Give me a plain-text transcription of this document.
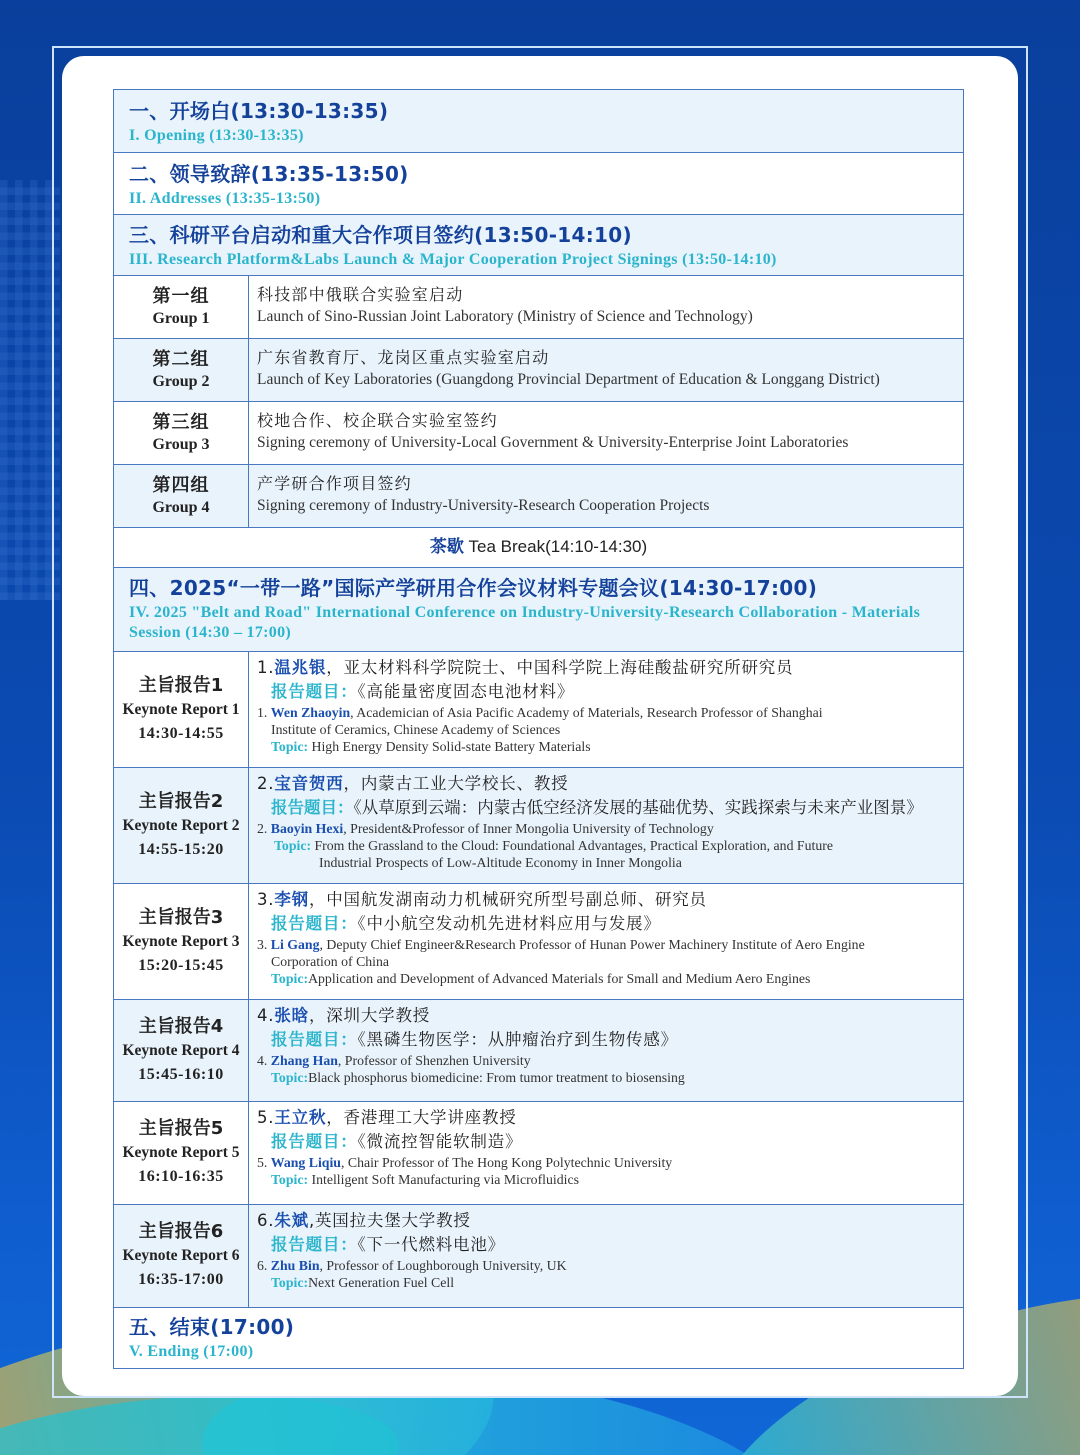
一、开场白(13:30-13:35)
I. Opening (13:30-13:35)
二、领导致辞(13:35-13:50)
II. Addresses (13:35-13:50)
三、科研平台启动和重大合作项目签约(13:50-14:10)
III. Research Platform&Labs Launch & Major Cooperation Project Signings (13:50-14:10)
第一组
Group 1
科技部中俄联合实验室启动
Launch of Sino-Russian Joint Laboratory (Ministry of Science and Technology)
第二组
Group 2
广东省教育厅、龙岗区重点实验室启动
Launch of Key Laboratories (Guangdong Provincial Department of Education & Longgang District)
第三组
Group 3
校地合作、校企联合实验室签约
Signing ceremony of University-Local Government & University-Enterprise Joint Laboratories
第四组
Group 4
产学研合作项目签约
Signing ceremony of Industry-University-Research Cooperation Projects
茶歇 Tea Break(14:10-14:30)
四、2025“一带一路”国际产学研用合作会议材料专题会议(14:30-17:00)
IV. 2025 "Belt and Road" International Conference on Industry-University-Research Collaboration - Materials Session (14:30 – 17:00)
主旨报告1
Keynote Report 1
14:30-14:55
1.温兆银，亚太材料科学院院士、中国科学院上海硅酸盐研究所研究员
报告题目：《高能量密度固态电池材料》
1. Wen Zhaoyin, Academician of Asia Pacific Academy of Materials, Research Professor of Shanghai
Institute of Ceramics, Chinese Academy of Sciences
Topic: High Energy Density Solid-state Battery Materials
主旨报告2
Keynote Report 2
14:55-15:20
2.宝音贺西，内蒙古工业大学校长、教授
报告题目：《从草原到云端：内蒙古低空经济发展的基础优势、实践探索与未来产业图景》
2. Baoyin Hexi, President&Professor of Inner Mongolia University of Technology
Topic: From the Grassland to the Cloud: Foundational Advantages, Practical Exploration, and Future
Industrial Prospects of Low-Altitude Economy in Inner Mongolia
主旨报告3
Keynote Report 3
15:20-15:45
3.李钢，中国航发湖南动力机械研究所型号副总师、研究员
报告题目：《中小航空发动机先进材料应用与发展》
3. Li Gang, Deputy Chief Engineer&Research Professor of Hunan Power Machinery Institute of Aero Engine
Corporation of China
Topic:Application and Development of Advanced Materials for Small and Medium Aero Engines
主旨报告4
Keynote Report 4
15:45-16:10
4.张晗，深圳大学教授
报告题目：《黑磷生物医学：从肿瘤治疗到生物传感》
4. Zhang Han, Professor of Shenzhen University
Topic:Black phosphorus biomedicine: From tumor treatment to biosensing
主旨报告5
Keynote Report 5
16:10-16:35
5.王立秋，香港理工大学讲座教授
报告题目：《微流控智能软制造》
5. Wang Liqiu, Chair Professor of The Hong Kong Polytechnic University
Topic: Intelligent Soft Manufacturing via Microfluidics
主旨报告6
Keynote Report 6
16:35-17:00
6.朱斌,英国拉夫堡大学教授
报告题目：《下一代燃料电池》
6. Zhu Bin, Professor of Loughborough University, UK
Topic:Next Generation Fuel Cell
五、结束(17:00)
V. Ending (17:00)
